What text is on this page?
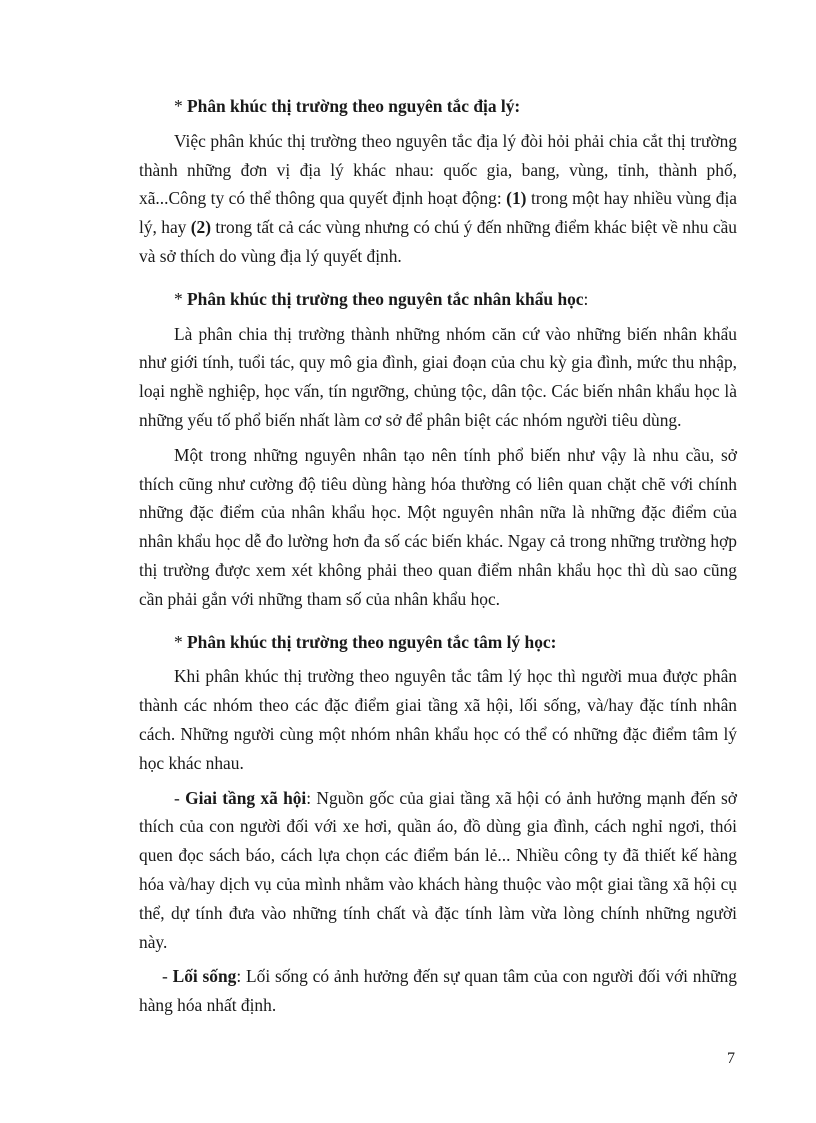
* Phân khúc thị trường theo nguyên tắc địa lý:

Việc phân khúc thị trường theo nguyên tắc địa lý đòi hỏi phải chia cắt thị trường thành những đơn vị địa lý khác nhau: quốc gia, bang, vùng, tỉnh, thành phố, xã...Công ty có thể thông qua quyết định hoạt động: (1) trong một hay nhiều vùng địa lý, hay (2) trong tất cả các vùng nhưng có chú ý đến những điểm khác biệt về nhu cầu và sở thích do vùng địa lý quyết định.

* Phân khúc thị trường theo nguyên tắc nhân khẩu học:

Là phân chia thị trường thành những nhóm căn cứ vào những biến nhân khẩu như giới tính, tuổi tác, quy mô gia đình, giai đoạn của chu kỳ gia đình, mức thu nhập, loại nghề nghiệp, học vấn, tín ngưỡng, chủng tộc, dân tộc. Các biến nhân khẩu học là những yếu tố phổ biến nhất làm cơ sở để phân biệt các nhóm người tiêu dùng.

Một trong những nguyên nhân tạo nên tính phổ biến như vậy là nhu cầu, sở thích cũng như cường độ tiêu dùng hàng hóa thường có liên quan chặt chẽ với chính những đặc điểm của nhân khẩu học. Một nguyên nhân nữa là những đặc điểm của nhân khẩu học dễ đo lường hơn đa số các biến khác. Ngay cả trong những trường hợp thị trường được xem xét không phải theo quan điểm nhân khẩu học thì dù sao cũng cần phải gắn với những tham số của nhân khẩu học.

* Phân khúc thị trường theo nguyên tắc tâm lý học:

Khi phân khúc thị trường theo nguyên tắc tâm lý học thì người mua được phân thành các nhóm theo các đặc điểm giai tầng xã hội, lối sống, và/hay đặc tính nhân cách. Những người cùng một nhóm nhân khẩu học có thể có những đặc điểm tâm lý học khác nhau.

- Giai tầng xã hội: Nguồn gốc của giai tầng xã hội có ảnh hưởng mạnh đến sở thích của con người đối với xe hơi, quần áo, đồ dùng gia đình, cách nghỉ ngơi, thói quen đọc sách báo, cách lựa chọn các điểm bán lẻ... Nhiều công ty đã thiết kế hàng hóa và/hay dịch vụ của mình nhằm vào khách hàng thuộc vào một giai tầng xã hội cụ thể, dự tính đưa vào những tính chất và đặc tính làm vừa lòng chính những người này.

- Lối sống: Lối sống có ảnh hưởng đến sự quan tâm của con người đối với những hàng hóa nhất định.

7
